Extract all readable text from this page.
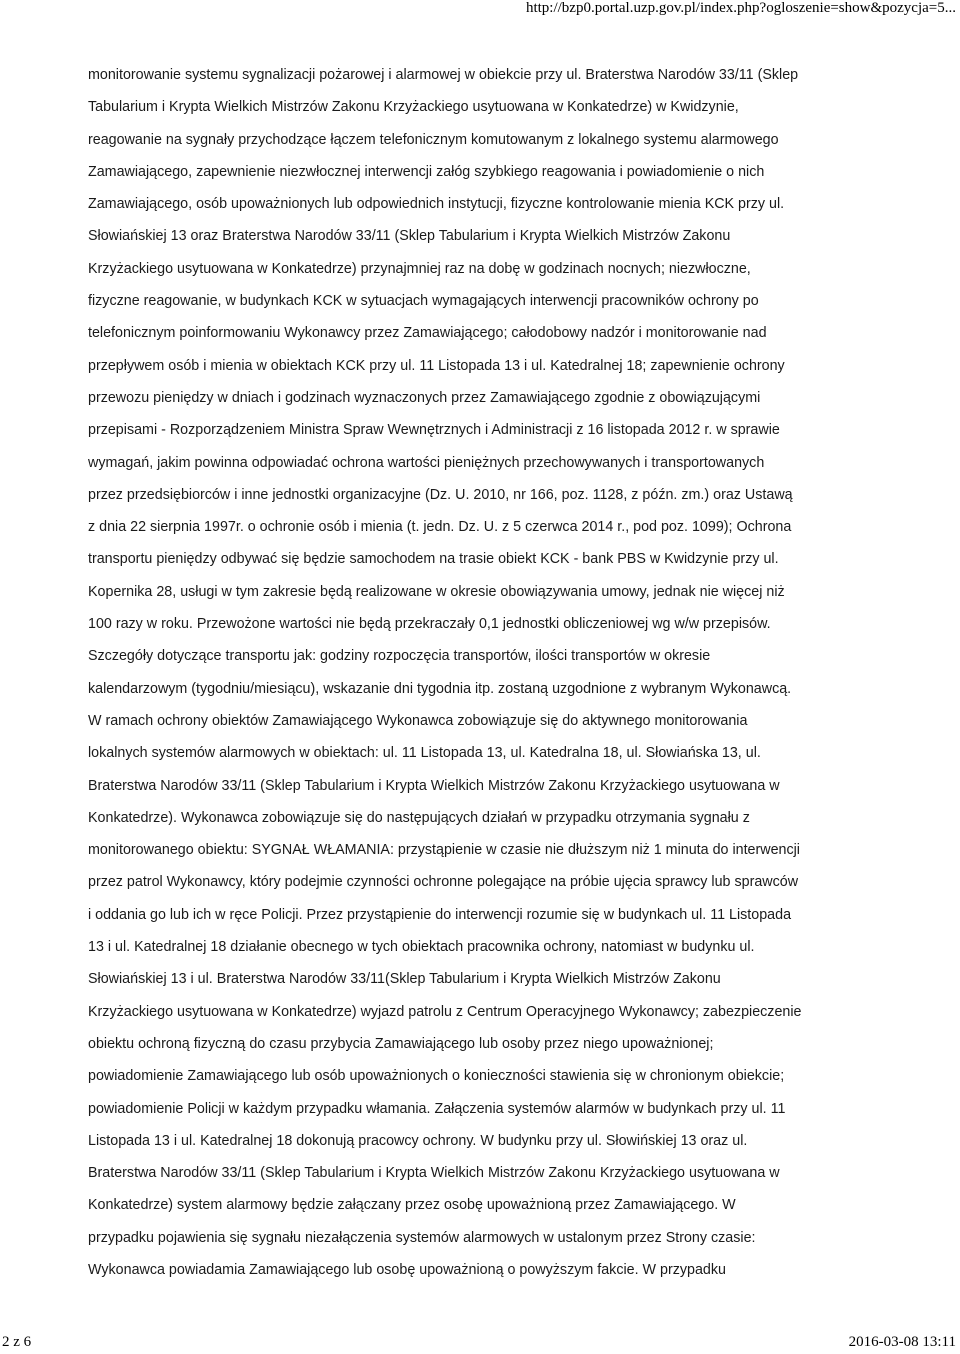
http://bzp0.portal.uzp.gov.pl/index.php?ogloszenie=show&pozycja=5...
monitorowanie systemu sygnalizacji pożarowej i alarmowej w obiekcie przy ul. Braterstwa Narodów 33/11 (Sklep
Tabularium i Krypta Wielkich Mistrzów Zakonu Krzyżackiego usytuowana w Konkatedrze) w Kwidzynie,
reagowanie na sygnały przychodzące łączem telefonicznym komutowanym z lokalnego systemu alarmowego
Zamawiającego, zapewnienie niezwłocznej interwencji załóg szybkiego reagowania i powiadomienie o nich
Zamawiającego, osób upoważnionych lub odpowiednich instytucji, fizyczne kontrolowanie mienia KCK przy ul.
Słowiańskiej 13 oraz Braterstwa Narodów 33/11 (Sklep Tabularium i Krypta Wielkich Mistrzów Zakonu
Krzyżackiego usytuowana w Konkatedrze) przynajmniej raz na dobę w godzinach nocnych; niezwłoczne,
fizyczne reagowanie, w budynkach KCK w sytuacjach wymagających interwencji pracowników ochrony po
telefonicznym poinformowaniu Wykonawcy przez Zamawiającego; całodobowy nadzór i monitorowanie nad
przepływem osób i mienia w obiektach KCK przy ul. 11 Listopada 13 i ul. Katedralnej 18; zapewnienie ochrony
przewozu pieniędzy w dniach i godzinach wyznaczonych przez Zamawiającego zgodnie z obowiązującymi
przepisami - Rozporządzeniem Ministra Spraw Wewnętrznych i Administracji z 16 listopada 2012 r. w sprawie
wymagań, jakim powinna odpowiadać ochrona wartości pieniężnych przechowywanych i transportowanych
przez przedsiębiorców i inne jednostki organizacyjne (Dz. U. 2010, nr 166, poz. 1128, z późn. zm.) oraz Ustawą
z dnia 22 sierpnia 1997r. o ochronie osób i mienia (t. jedn. Dz. U. z 5 czerwca 2014 r., pod poz. 1099); Ochrona
transportu pieniędzy odbywać się będzie samochodem na trasie obiekt KCK - bank PBS w Kwidzynie przy ul.
Kopernika 28, usługi w tym zakresie będą realizowane w okresie obowiązywania umowy, jednak nie więcej niż
100 razy w roku. Przewożone wartości nie będą przekraczały 0,1 jednostki obliczeniowej wg w/w przepisów.
Szczegóły dotyczące transportu jak: godziny rozpoczęcia transportów, ilości transportów w okresie
kalendarzowym (tygodniu/miesiącu), wskazanie dni tygodnia itp. zostaną uzgodnione z wybranym Wykonawcą.
W ramach ochrony obiektów Zamawiającego Wykonawca zobowiązuje się do aktywnego monitorowania
lokalnych systemów alarmowych w obiektach: ul. 11 Listopada 13, ul. Katedralna 18, ul. Słowiańska 13, ul.
Braterstwa Narodów 33/11 (Sklep Tabularium i Krypta Wielkich Mistrzów Zakonu Krzyżackiego usytuowana w
Konkatedrze). Wykonawca zobowiązuje się do następujących działań w przypadku otrzymania sygnału z
monitorowanego obiektu: SYGNAŁ WŁAMANIA: przystąpienie w czasie nie dłuższym niż 1 minuta do interwencji
przez patrol Wykonawcy, który podejmie czynności ochronne polegające na próbie ujęcia sprawcy lub sprawców
i oddania go lub ich w ręce Policji. Przez przystąpienie do interwencji rozumie się w budynkach ul. 11 Listopada
13 i ul. Katedralnej 18 działanie obecnego w tych obiektach pracownika ochrony, natomiast w budynku ul.
Słowiańskiej 13 i ul. Braterstwa Narodów 33/11(Sklep Tabularium i Krypta Wielkich Mistrzów Zakonu
Krzyżackiego usytuowana w Konkatedrze) wyjazd patrolu z Centrum Operacyjnego Wykonawcy; zabezpieczenie
obiektu ochroną fizyczną do czasu przybycia Zamawiającego lub osoby przez niego upoważnionej;
powiadomienie Zamawiającego lub osób upoważnionych o konieczności stawienia się w chronionym obiekcie;
powiadomienie Policji w każdym przypadku włamania. Załączenia systemów alarmów w budynkach przy ul. 11
Listopada 13 i ul. Katedralnej 18 dokonują pracowcy ochrony. W budynku przy ul. Słowińskiej 13 oraz ul.
Braterstwa Narodów 33/11 (Sklep Tabularium i Krypta Wielkich Mistrzów Zakonu Krzyżackiego usytuowana w
Konkatedrze) system alarmowy będzie załączany przez osobę upoważnioną przez Zamawiającego. W
przypadku pojawienia się sygnału niezałączenia systemów alarmowych w ustalonym przez Strony czasie:
Wykonawca powiadamia Zamawiającego lub osobę upoważnioną o powyższym fakcie. W przypadku
2 z 6	2016-03-08 13:11
